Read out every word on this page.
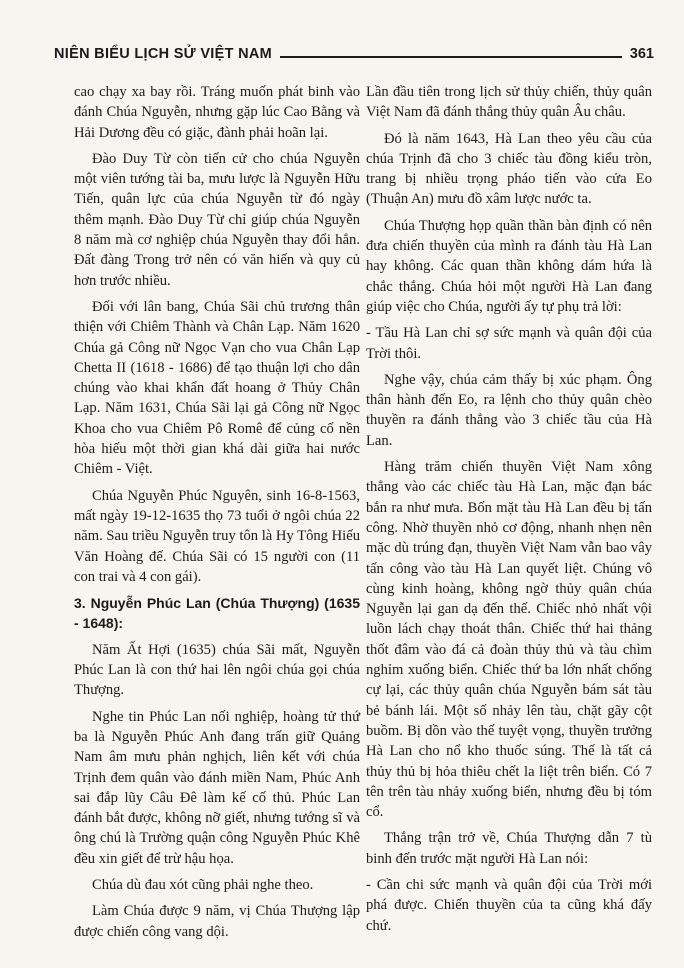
NIÊN BIỂU LỊCH SỬ VIỆT NAM	361

cao chạy xa bay rồi. Tráng muốn phát binh vào đánh Chúa Nguyễn, nhưng gặp lúc Cao Bằng và Hải Dương đều có giặc, đành phải hoãn lại.

Đào Duy Từ còn tiến cử cho chúa Nguyễn một viên tướng tài ba, mưu lược là Nguyễn Hữu Tiến, quân lực của chúa Nguyễn từ đó ngày thêm mạnh. Đào Duy Từ chỉ giúp chúa Nguyễn 8 năm mà cơ nghiệp chúa Nguyễn thay đổi hẳn. Đất đàng Trong trở nên có văn hiến và quy củ hơn trước nhiều.

Đối với lân bang, Chúa Sãi chủ trương thân thiện với Chiêm Thành và Chân Lạp. Năm 1620 Chúa gả Công nữ Ngọc Vạn cho vua Chân Lạp Chetta II (1618 - 1686) để tạo thuận lợi cho dân chúng vào khai khẩn đất hoang ở Thủy Chân Lạp. Năm 1631, Chúa Sãi lại gả Công nữ Ngọc Khoa cho vua Chiêm Pô Romê để củng cố nền hòa hiếu một thời gian khá dài giữa hai nước Chiêm - Việt.

Chúa Nguyễn Phúc Nguyên, sinh 16-8-1563, mất ngày 19-12-1635 thọ 73 tuổi ở ngôi chúa 22 năm. Sau triều Nguyễn truy tôn là Hy Tông Hiếu Văn Hoàng đế. Chúa Sãi có 15 người con (11 con trai và 4 con gái).

3. Nguyễn Phúc Lan (Chúa Thượng) (1635 - 1648):

Năm Ất Hợi (1635) chúa Sãi mất, Nguyễn Phúc Lan là con thứ hai lên ngôi chúa gọi chúa Thượng.

Nghe tin Phúc Lan nối nghiệp, hoàng tử thứ ba là Nguyễn Phúc Anh đang trấn giữ Quảng Nam âm mưu phản nghịch, liên kết với chúa Trịnh đem quân vào đánh miền Nam, Phúc Anh sai đắp lũy Câu Đê làm kế cố thủ. Phúc Lan đánh bắt được, không nỡ giết, nhưng tướng sĩ và ông chú là Trường quận công Nguyễn Phúc Khê đều xin giết để trừ hậu họa.

Chúa dù đau xót cũng phải nghe theo.

Làm Chúa được 9 năm, vị Chúa Thượng lập được chiến công vang dội.

Lần đầu tiên trong lịch sử thủy chiến, thủy quân Việt Nam đã đánh thắng thủy quân Âu châu.

Đó là năm 1643, Hà Lan theo yêu cầu của chúa Trịnh đã cho 3 chiếc tàu đồng kiểu tròn, trang bị nhiều trọng pháo tiến vào cửa Eo (Thuận An) mưu đồ xâm lược nước ta.

Chúa Thượng họp quần thần bàn định có nên đưa chiến thuyền của mình ra đánh tàu Hà Lan hay không. Các quan thần không dám hứa là chắc thắng. Chúa hỏi một người Hà Lan đang giúp việc cho Chúa, người ấy tự phụ trả lời:

- Tầu Hà Lan chỉ sợ sức mạnh và quân đội của Trời thôi.

Nghe vậy, chúa cảm thấy bị xúc phạm. Ông thân hành đến Eo, ra lệnh cho thủy quân chèo thuyền ra đánh thẳng vào 3 chiếc tầu của Hà Lan.

Hàng trăm chiến thuyền Việt Nam xông thẳng vào các chiếc tàu Hà Lan, mặc đạn bác bắn ra như mưa. Bốn mặt tàu Hà Lan đều bị tấn công. Nhờ thuyền nhỏ cơ động, nhanh nhẹn nên mặc dù trúng đạn, thuyền Việt Nam vẫn bao vây tấn công vào tàu Hà Lan quyết liệt. Chúng vô cùng kinh hoàng, không ngờ thủy quân chúa Nguyễn lại gan dạ đến thế. Chiếc nhỏ nhất vội luồn lách chạy thoát thân. Chiếc thứ hai thảng thốt đâm vào đá cả đoàn thủy thủ và tàu chìm nghỉm xuống biển. Chiếc thứ ba lớn nhất chống cự lại, các thủy quân chúa Nguyễn bám sát tàu bẻ bánh lái. Một số nhảy lên tàu, chặt gãy cột buồm. Bị dồn vào thế tuyệt vọng, thuyền trưởng Hà Lan cho nổ kho thuốc súng. Thế là tất cả thủy thủ bị hỏa thiêu chết la liệt trên biển. Có 7 tên trên tàu nhảy xuống biển, nhưng đều bị tóm cổ.

Thắng trận trở về, Chúa Thượng dẫn 7 tù binh đến trước mặt người Hà Lan nói:

- Cần chi sức mạnh và quân đội của Trời mới phá được. Chiến thuyền của ta cũng khá đấy chứ.
